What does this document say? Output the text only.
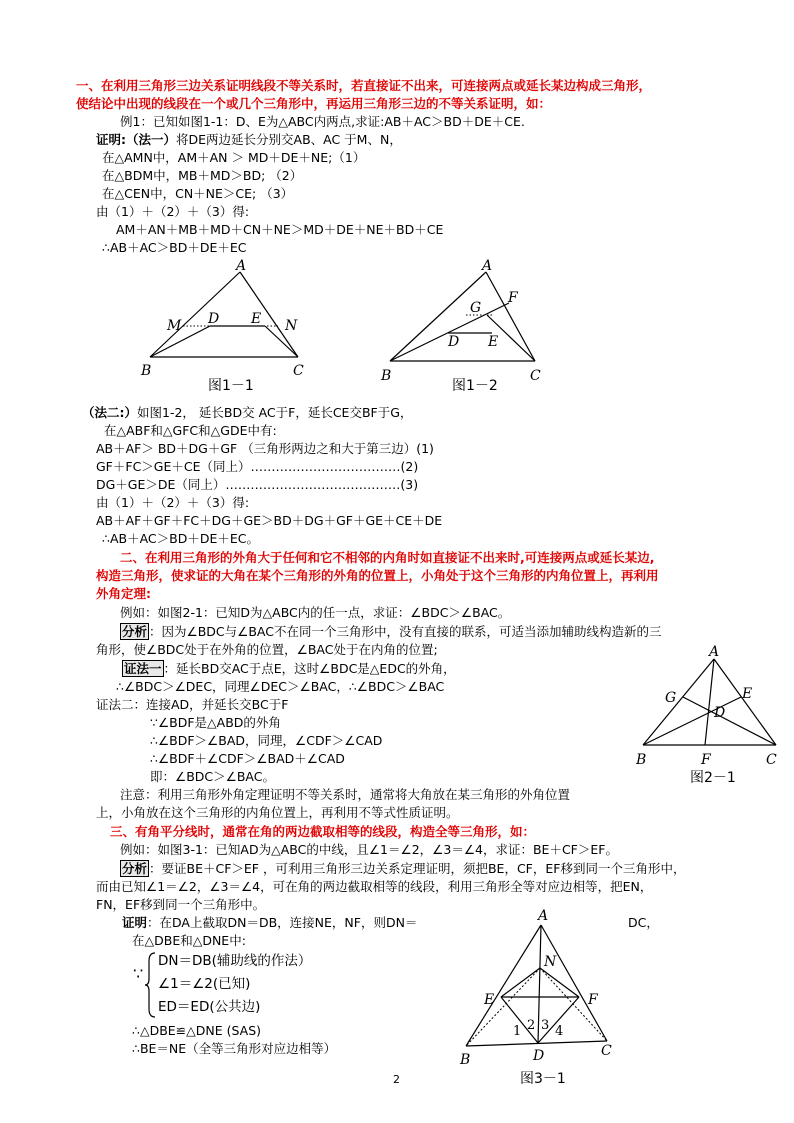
一、在利用三角形三边关系证明线段不等关系时，若直接证不出来，可连接两点或延长某边构成三角形，
使结论中出现的线段在一个或几个三角形中，再运用三角形三边的不等关系证明，如：
例1：已知如图1-1：D、E为△ABC内两点,求证:AB＋AC＞BD＋DE＋CE.
证明:（法一）将DE两边延长分别交AB、AC 于M、N，
在△AMN中，AM＋AN ＞ MD＋DE＋NE;（1）
在△BDM中，MB＋MD＞BD; （2）
在△CEN中，CN＋NE＞CE; （3）
由（1）＋（2）＋（3）得:
AM＋AN＋MB＋MD＋CN＋NE＞MD＋DE＋NE＋BD＋CE
∴AB＋AC＞BD＋DE＋EC
A
B	C
D E
M	N
图1－1
A
B	C
D E
F
G
图1－2
（法二:）如图1-2， 延长BD交 AC于F，延长CE交BF于G，
在△ABF和△GFC和△GDE中有:
AB＋AF＞ BD＋DG＋GF （三角形两边之和大于第三边）(1)
GF＋FC＞GE＋CE（同上）………………………………(2)
DG＋GE＞DE（同上）……………………………………(3)
由（1）＋（2）＋（3）得:
AB＋AF＋GF＋FC＋DG＋GE＞BD＋DG＋GF＋GE＋CE＋DE
∴AB＋AC＞BD＋DE＋EC。
二、在利用三角形的外角大于任何和它不相邻的内角时如直接证不出来时,可连接两点或延长某边,
构造三角形，使求证的大角在某个三角形的外角的位置上，小角处于这个三角形的内角位置上，再利用
外角定理:
例如：如图2-1：已知D为△ABC内的任一点，求证：∠BDC＞∠BAC。
分析 ：因为∠BDC与∠BAC不在同一个三角形中，没有直接的联系，可适当添加辅助线构造新的三
角形，使∠BDC处于在外角的位置，∠BAC处于在内角的位置;
证法一 ：延长BD交AC于点E，这时∠BDC是△EDC的外角，
∴∠BDC＞∠DEC，同理∠DEC＞∠BAC，∴∠BDC＞∠BAC
证法二：连接AD，并延长交BC于F
∵∠BDF是△ABD的外角
∴∠BDF＞∠BAD，同理，∠CDF＞∠CAD
∴∠BDF＋∠CDF＞∠BAD＋∠CAD
即：∠BDC＞∠BAC。
A
B	C
D
E
F
G
图2－1
注意：利用三角形外角定理证明不等关系时，通常将大角放在某三角形的外角位置
上，小角放在这个三角形的内角位置上，再利用不等式性质证明。
三、有角平分线时，通常在角的两边截取相等的线段，构造全等三角形，如：
例如：如图3-1：已知AD为△ABC的中线，且∠1＝∠2，∠3＝∠4，求证：BE＋CF＞EF。
分析 ：要证BE＋CF＞EF ，可利用三角形三边关系定理证明，须把BE，CF，EF移到同一个三角形中，
而由已知∠1＝∠2，∠3＝∠4，可在角的两边截取相等的线段，利用三角形全等对应边相等，把EN，
FN，EF移到同一个三角形中。
证明：在DA上截取DN＝DB，连接NE，NF，则DN＝	DC，
在△DBE和△DNE中:
∵
DN＝DB(辅助线的作法）
∠1＝∠2(已知)
ED＝ED(公共边)
∴△DBE≌△DNE (SAS)
∴BE＝NE（全等三角形对应边相等）
A
B
C
D
E	F
N
1 2 3 4
图3－1
2
